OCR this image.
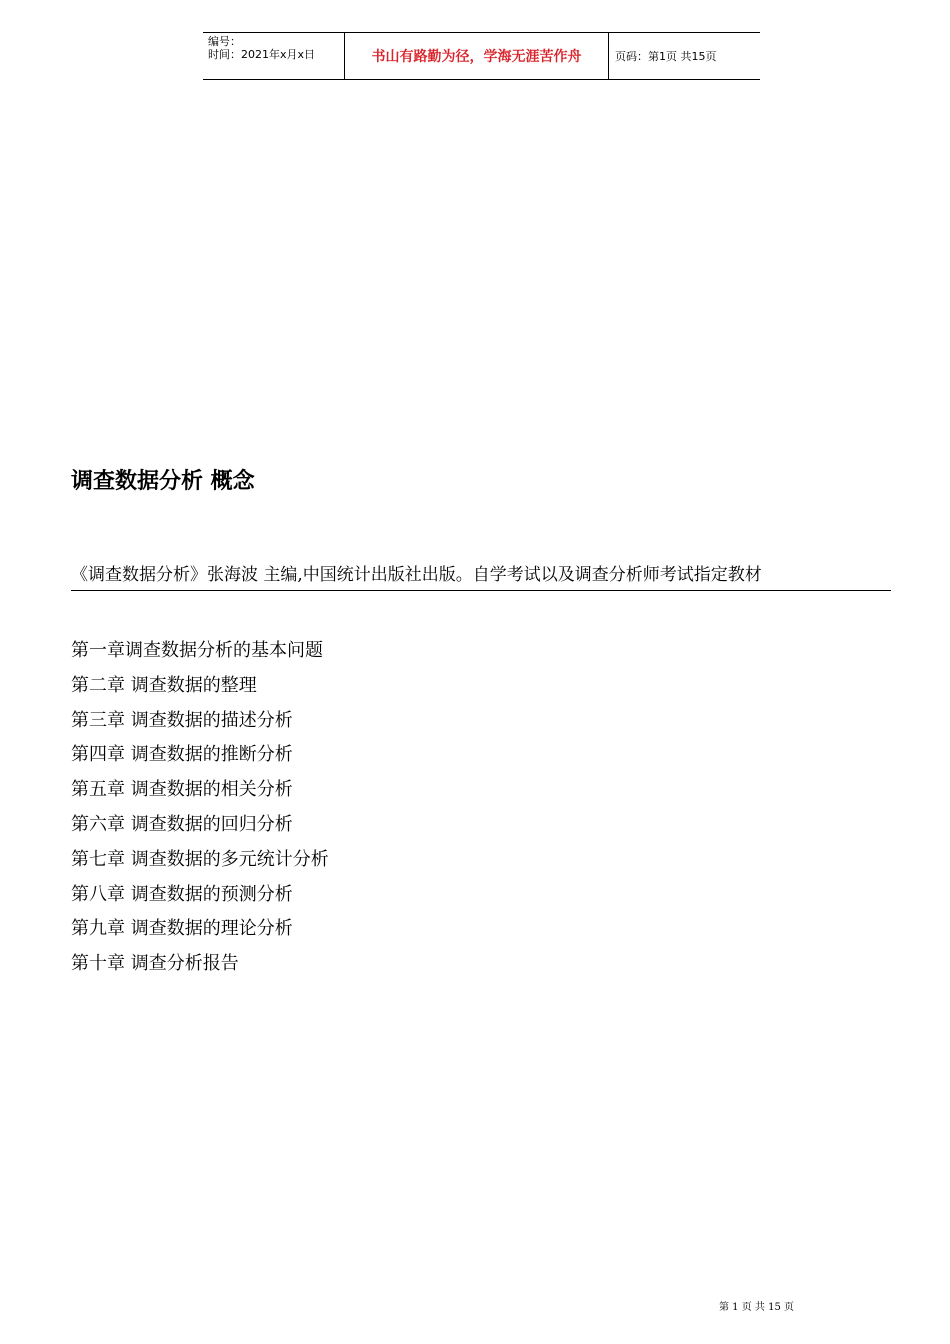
编号：
时间：2021年x月x日	书山有路勤为径，学海无涯苦作舟	页码：第1页 共15页
调查数据分析 概念
《调查数据分析》张海波 主编,中国统计出版社出版。自学考试以及调查分析师考试指定教材
第一章调查数据分析的基本问题
第二章 调查数据的整理
第三章 调查数据的描述分析
第四章 调查数据的推断分析
第五章 调查数据的相关分析
第六章 调查数据的回归分析
第七章 调查数据的多元统计分析
第八章 调查数据的预测分析
第九章 调查数据的理论分析
第十章 调查分析报告
第 1 页 共 15 页
